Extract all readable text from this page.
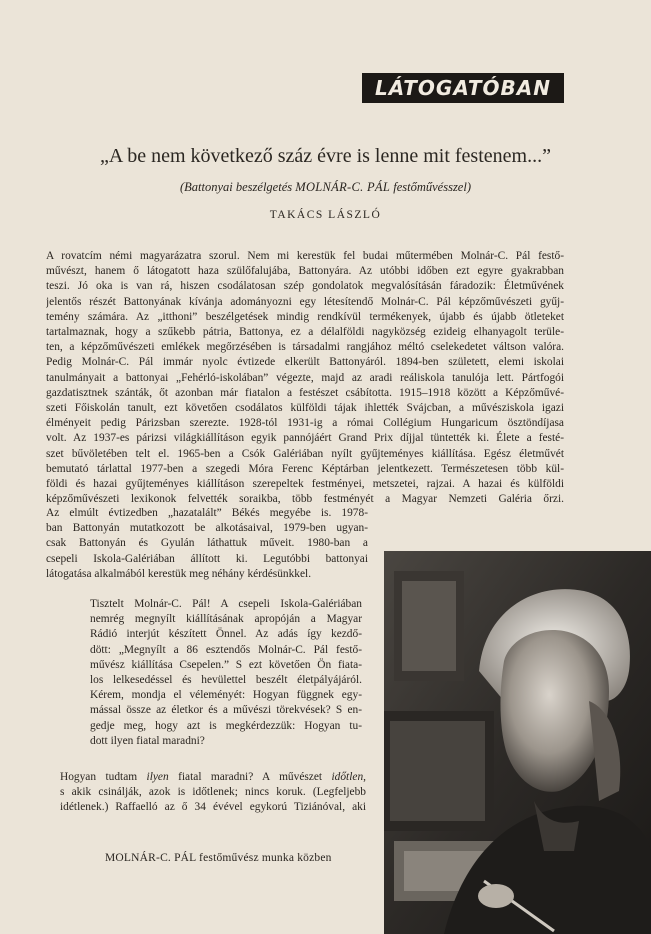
LÁTOGATÓBAN
„A be nem következő száz évre is lenne mit festenem...”
(Battonyai beszélgetés MOLNÁR-C. PÁL festőművésszel)
TAKÁCS LÁSZLÓ
A rovatcím némi magyarázatra szorul. Nem mi kerestük fel budai műtermében Molnár-C. Pál festő-
művészt, hanem ő látogatott haza szülőfalujába, Battonyára. Az utóbbi időben ezt egyre gyakrabban
teszi. Jó oka is van rá, hiszen csodálatosan szép gondolatok megvalósításán fáradozik: Életművének
jelentős részét Battonyának kívánja adományozni egy létesítendő Molnár-C. Pál képzőművészeti gyűj-
temény számára. Az „itthoni” beszélgetések mindig rendkívül termékenyek, újabb és újabb ötleteket
tartalmaznak, hogy a szűkebb pátria, Battonya, ez a délalföldi nagyközség ezideig elhanyagolt terüle-
ten, a képzőművészeti emlékek megőrzésében is társadalmi rangjához méltó cselekedetet váltson valóra.
Pedig Molnár-C. Pál immár nyolc évtizede elkerült Battonyáról. 1894-ben született, elemi iskolai
tanulmányait a battonyai „Fehérló-iskolában” végezte, majd az aradi reáliskola tanulója lett. Pártfogói
gazdatisztnek szánták, őt azonban már fiatalon a festészet csábította. 1915–1918 között a Képzőművé-
szeti Főiskolán tanult, ezt követően csodálatos külföldi tájak ihlették Svájcban, a művésziskola igazi
élményeit pedig Párizsban szerezte. 1928-tól 1931-ig a római Collégium Hungaricum ösztöndíjasa
volt. Az 1937-es párizsi világkiállításon egyik pannójáért Grand Prix díjjal tüntették ki. Élete a festé-
szet bűvöletében telt el. 1965-ben a Csók Galériában nyílt gyűjteményes kiállítása. Egész életművét
bemutató tárlattal 1977-ben a szegedi Móra Ferenc Képtárban jelentkezett. Természetesen több kül-
földi és hazai gyűjteményes kiállításon szerepeltek festményei, metszetei, rajzai. A hazai és külföldi
képzőművészeti lexikonok felvették soraikba, több festményét a Magyar Nemzeti Galéria őrzi.
Az elmúlt évtizedben „hazatalált” Békés megyébe is. 1978-
ban Battonyán mutatkozott be alkotásaival, 1979-ben ugyan-
csak Battonyán és Gyulán láthattuk műveit. 1980-ban a
csepeli Iskola-Galériában állított ki. Legutóbbi battonyai
látogatása alkalmából kerestük meg néhány kérdésünkkel.
Tisztelt Molnár-C. Pál! A csepeli Iskola-Galériában
nemrég megnyílt kiállításának apropóján a Magyar
Rádió interjút készített Önnel. Az adás így kezdő-
dött: „Megnyílt a 86 esztendős Molnár-C. Pál festő-
művész kiállítása Csepelen.” S ezt követően Ön fiata-
los lelkesedéssel és hevülettel beszélt életpályájáról.
Kérem, mondja el véleményét: Hogyan függnek egy-
mással össze az életkor és a művészi törekvések? S en-
gedje meg, hogy azt is megkérdezzük: Hogyan tu-
dott ilyen fiatal maradni?
Hogyan tudtam ilyen fiatal maradni? A művészet időtlen,
s akik csinálják, azok is időtlenek; nincs koruk. (Legfeljebb
idétlenek.) Raffaelló az ő 34 évével egykorú Tiziánóval, aki
MOLNÁR-C. PÁL festőművész munka közben
